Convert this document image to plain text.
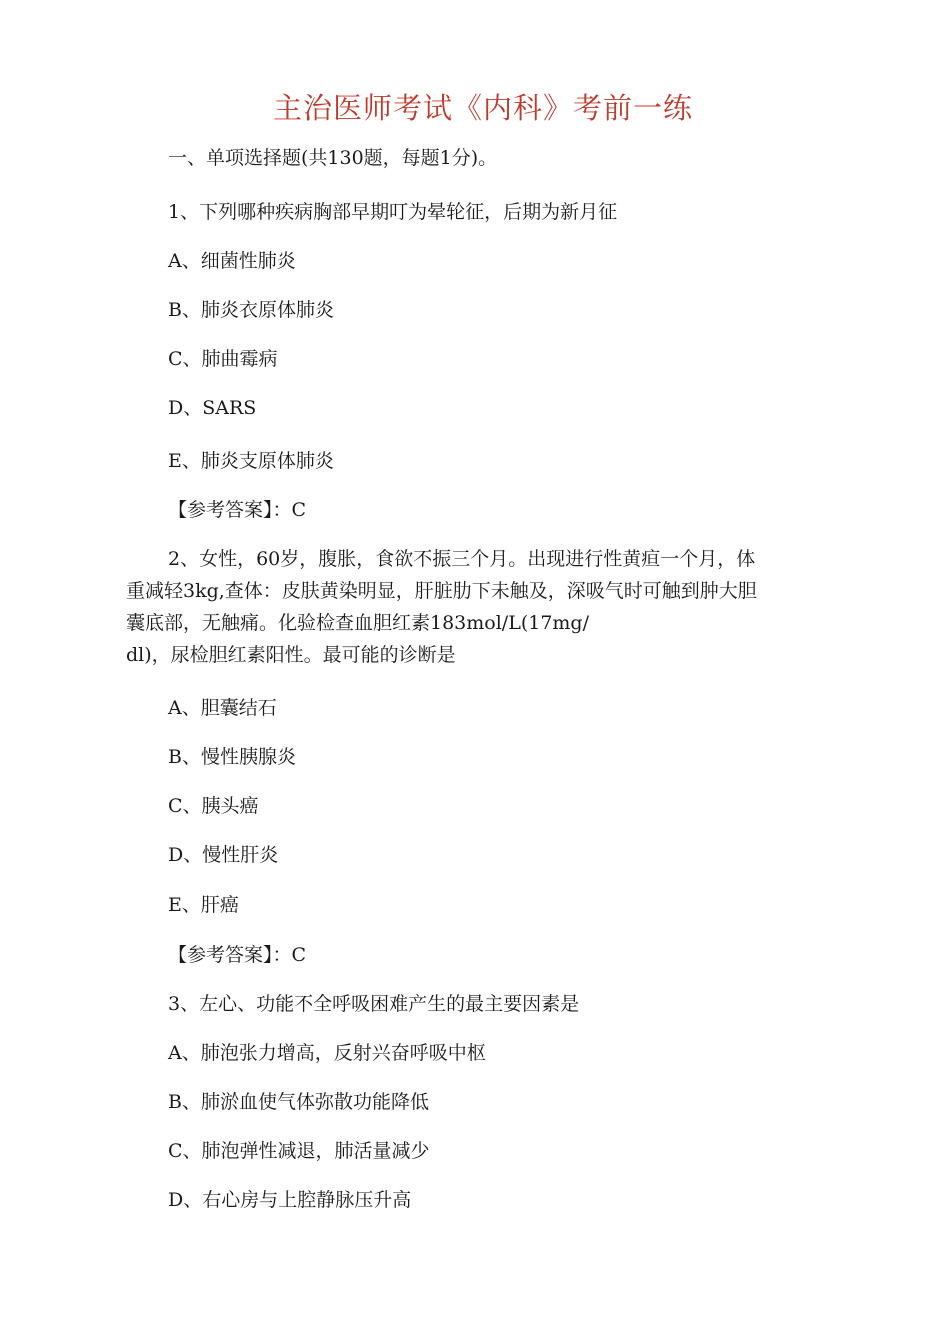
主治医师考试《内科》考前一练

一、单项选择题(共130题，每题1分)。

1、下列哪种疾病胸部早期叮为晕轮征，后期为新月征

A、细菌性肺炎

B、肺炎衣原体肺炎

C、肺曲霉病

D、SARS

E、肺炎支原体肺炎

【参考答案】：C

2、女性，60岁，腹胀，食欲不振三个月。出现进行性黄疸一个月，体
重减轻3kg,查体：皮肤黄染明显，肝脏肋下未触及，深吸气时可触到肿大胆
囊底部，无触痛。化验检查血胆红素183mol/L(17mg/
dl)，尿检胆红素阳性。最可能的诊断是

A、胆囊结石

B、慢性胰腺炎

C、胰头癌

D、慢性肝炎

E、肝癌

【参考答案】：C

3、左心、功能不全呼吸困难产生的最主要因素是

A、肺泡张力增高，反射兴奋呼吸中枢

B、肺淤血使气体弥散功能降低

C、肺泡弹性减退，肺活量减少

D、右心房与上腔静脉压升高
